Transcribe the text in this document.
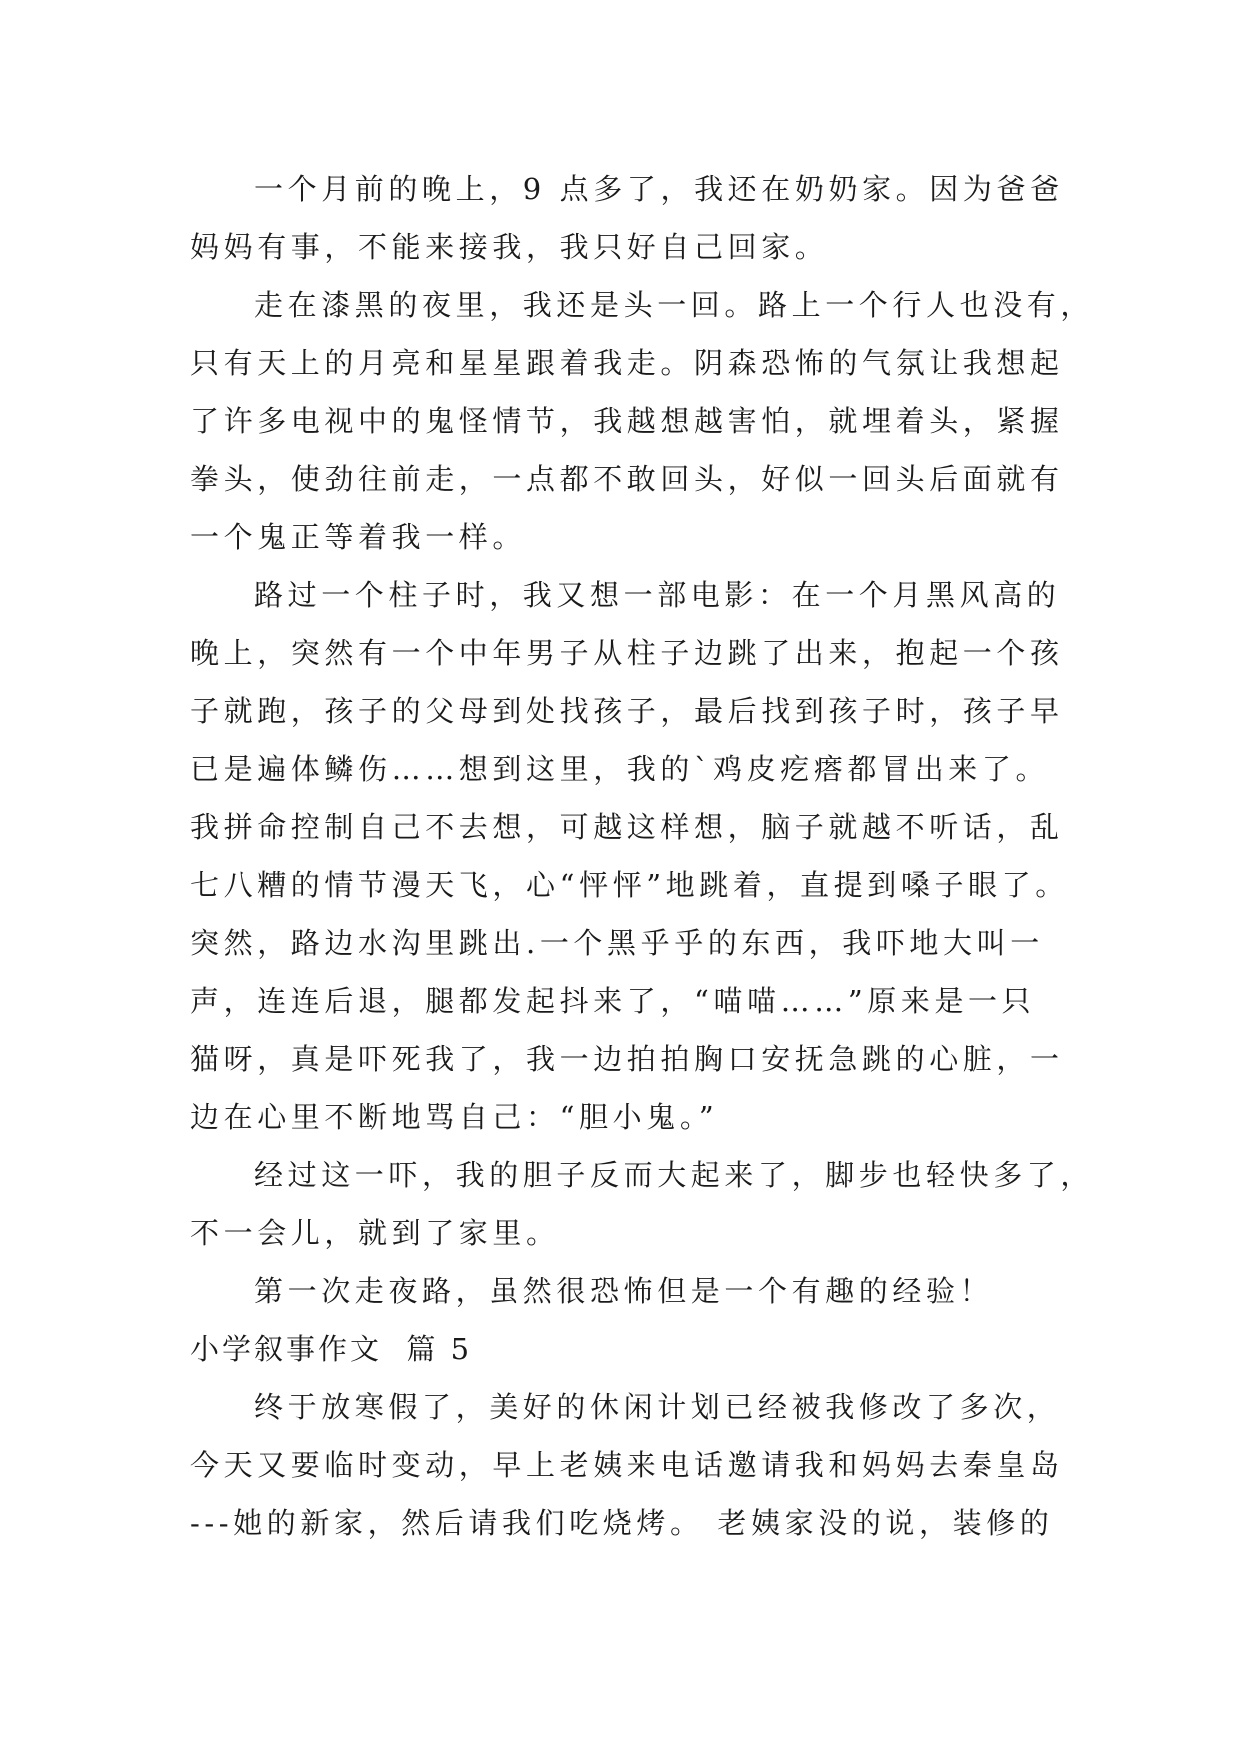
一个月前的晚上，9 点多了，我还在奶奶家。因为爸爸
妈妈有事，不能来接我，我只好自己回家。
走在漆黑的夜里，我还是头一回。路上一个行人也没有，
只有天上的月亮和星星跟着我走。阴森恐怖的气氛让我想起
了许多电视中的鬼怪情节，我越想越害怕，就埋着头，紧握
拳头，使劲往前走，一点都不敢回头，好似一回头后面就有
一个鬼正等着我一样。
路过一个柱子时，我又想一部电影：在一个月黑风高的
晚上，突然有一个中年男子从柱子边跳了出来，抱起一个孩
子就跑，孩子的父母到处找孩子，最后找到孩子时，孩子早
已是遍体鳞伤……想到这里，我的`鸡皮疙瘩都冒出来了。
我拼命控制自己不去想，可越这样想，脑子就越不听话，乱
七八糟的情节漫天飞，心“怦怦”地跳着，直提到嗓子眼了。
突然，路边水沟里跳出.一个黑乎乎的东西，我吓地大叫一
声，连连后退，腿都发起抖来了，“喵喵……”原来是一只
猫呀，真是吓死我了，我一边拍拍胸口安抚急跳的心脏，一
边在心里不断地骂自己：“胆小鬼。”
经过这一吓，我的胆子反而大起来了，脚步也轻快多了，
不一会儿，就到了家里。
第一次走夜路，虽然很恐怖但是一个有趣的经验！
小学叙事作文  篇 5
终于放寒假了，美好的休闲计划已经被我修改了多次，
今天又要临时变动，早上老姨来电话邀请我和妈妈去秦皇岛
---她的新家，然后请我们吃烧烤。 老姨家没的说，装修的
